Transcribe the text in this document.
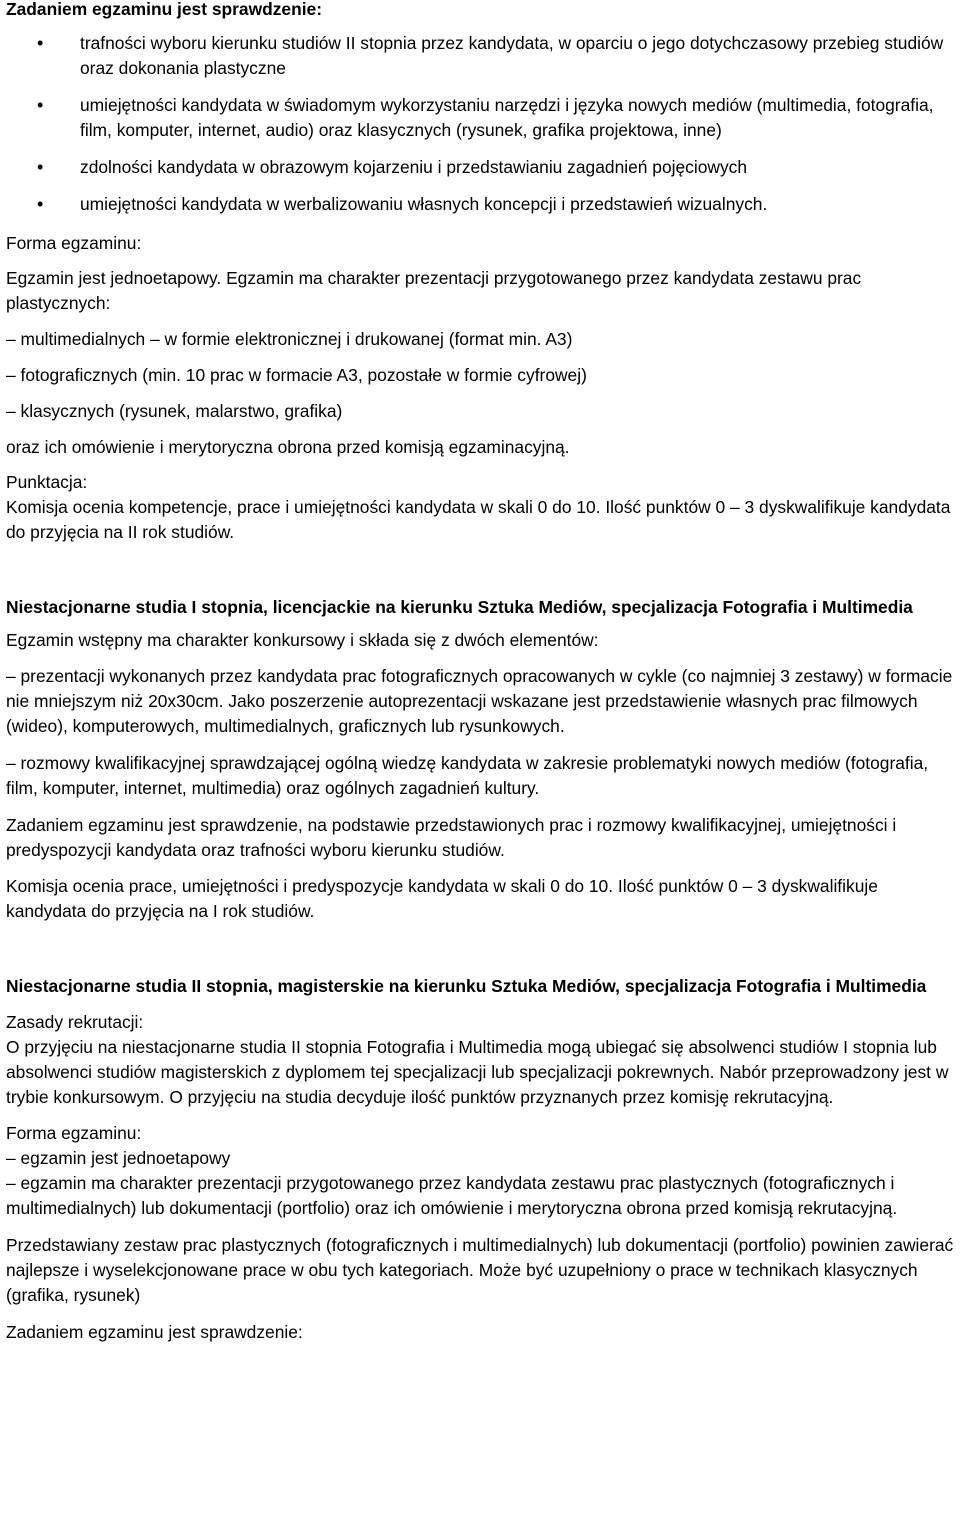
Zadaniem egzaminu jest sprawdzenie:
• trafności wyboru kierunku studiów II stopnia przez kandydata, w oparciu o jego dotychczasowy przebieg studiów oraz dokonania plastyczne
• umiejętności kandydata w świadomym wykorzystaniu narzędzi i języka nowych mediów (multimedia, fotografia, film, komputer, internet, audio) oraz klasycznych (rysunek, grafika projektowa, inne)
• zdolności kandydata w obrazowym kojarzeniu i przedstawianiu zagadnień pojęciowych
• umiejętności kandydata w werbalizowaniu własnych koncepcji i przedstawień wizualnych.

Forma egzaminu:

Egzamin jest jednoetapowy. Egzamin ma charakter prezentacji przygotowanego przez kandydata zestawu prac plastycznych:

– multimedialnych – w formie elektronicznej i drukowanej (format min. A3)

– fotograficznych (min. 10 prac w formacie A3, pozostałe w formie cyfrowej)

– klasycznych (rysunek, malarstwo, grafika)

oraz ich omówienie i merytoryczna obrona przed komisją egzaminacyjną.

Punktacja:

Komisja ocenia kompetencje, prace i umiejętności kandydata w skali 0 do 10. Ilość punktów 0 – 3 dyskwalifikuje kandydata do przyjęcia na II rok studiów.

Niestacjonarne studia I stopnia, licencjackie na kierunku Sztuka Mediów, specjalizacja Fotografia i Multimedia

Egzamin wstępny ma charakter konkursowy i składa się z dwóch elementów:

– prezentacji wykonanych przez kandydata prac fotograficznych opracowanych w cykle (co najmniej 3 zestawy) w formacie nie mniejszym niż 20x30cm. Jako poszerzenie autoprezentacji wskazane jest przedstawienie własnych prac filmowych (wideo), komputerowych, multimedialnych, graficznych lub rysunkowych.

– rozmowy kwalifikacyjnej sprawdzającej ogólną wiedzę kandydata w zakresie problematyki nowych mediów (fotografia, film, komputer, internet, multimedia) oraz ogólnych zagadnień kultury.

Zadaniem egzaminu jest sprawdzenie, na podstawie przedstawionych prac i rozmowy kwalifikacyjnej, umiejętności i predyspozycji kandydata oraz trafności wyboru kierunku studiów.

Komisja ocenia prace, umiejętności i predyspozycje kandydata w skali 0 do 10. Ilość punktów 0 – 3 dyskwalifikuje kandydata do przyjęcia na I rok studiów.

Niestacjonarne studia II stopnia, magisterskie na kierunku Sztuka Mediów, specjalizacja Fotografia i Multimedia

Zasady rekrutacji:

O przyjęciu na niestacjonarne studia II stopnia Fotografia i Multimedia mogą ubiegać się absolwenci studiów I stopnia lub absolwenci studiów magisterskich z dyplomem tej specjalizacji lub specjalizacji pokrewnych. Nabór przeprowadzony jest w trybie konkursowym. O przyjęciu na studia decyduje ilość punktów przyznanych przez komisję rekrutacyjną.

Forma egzaminu:

– egzamin jest jednoetapowy

– egzamin ma charakter prezentacji przygotowanego przez kandydata zestawu prac plastycznych (fotograficznych i multimedialnych) lub dokumentacji (portfolio) oraz ich omówienie i merytoryczna obrona przed komisją rekrutacyjną.

Przedstawiany zestaw prac plastycznych (fotograficznych i multimedialnych) lub dokumentacji (portfolio) powinien zawierać najlepsze i wyselekcjonowane prace w obu tych kategoriach. Może być uzupełniony o prace w technikach klasycznych (grafika, rysunek)

Zadaniem egzaminu jest sprawdzenie:
